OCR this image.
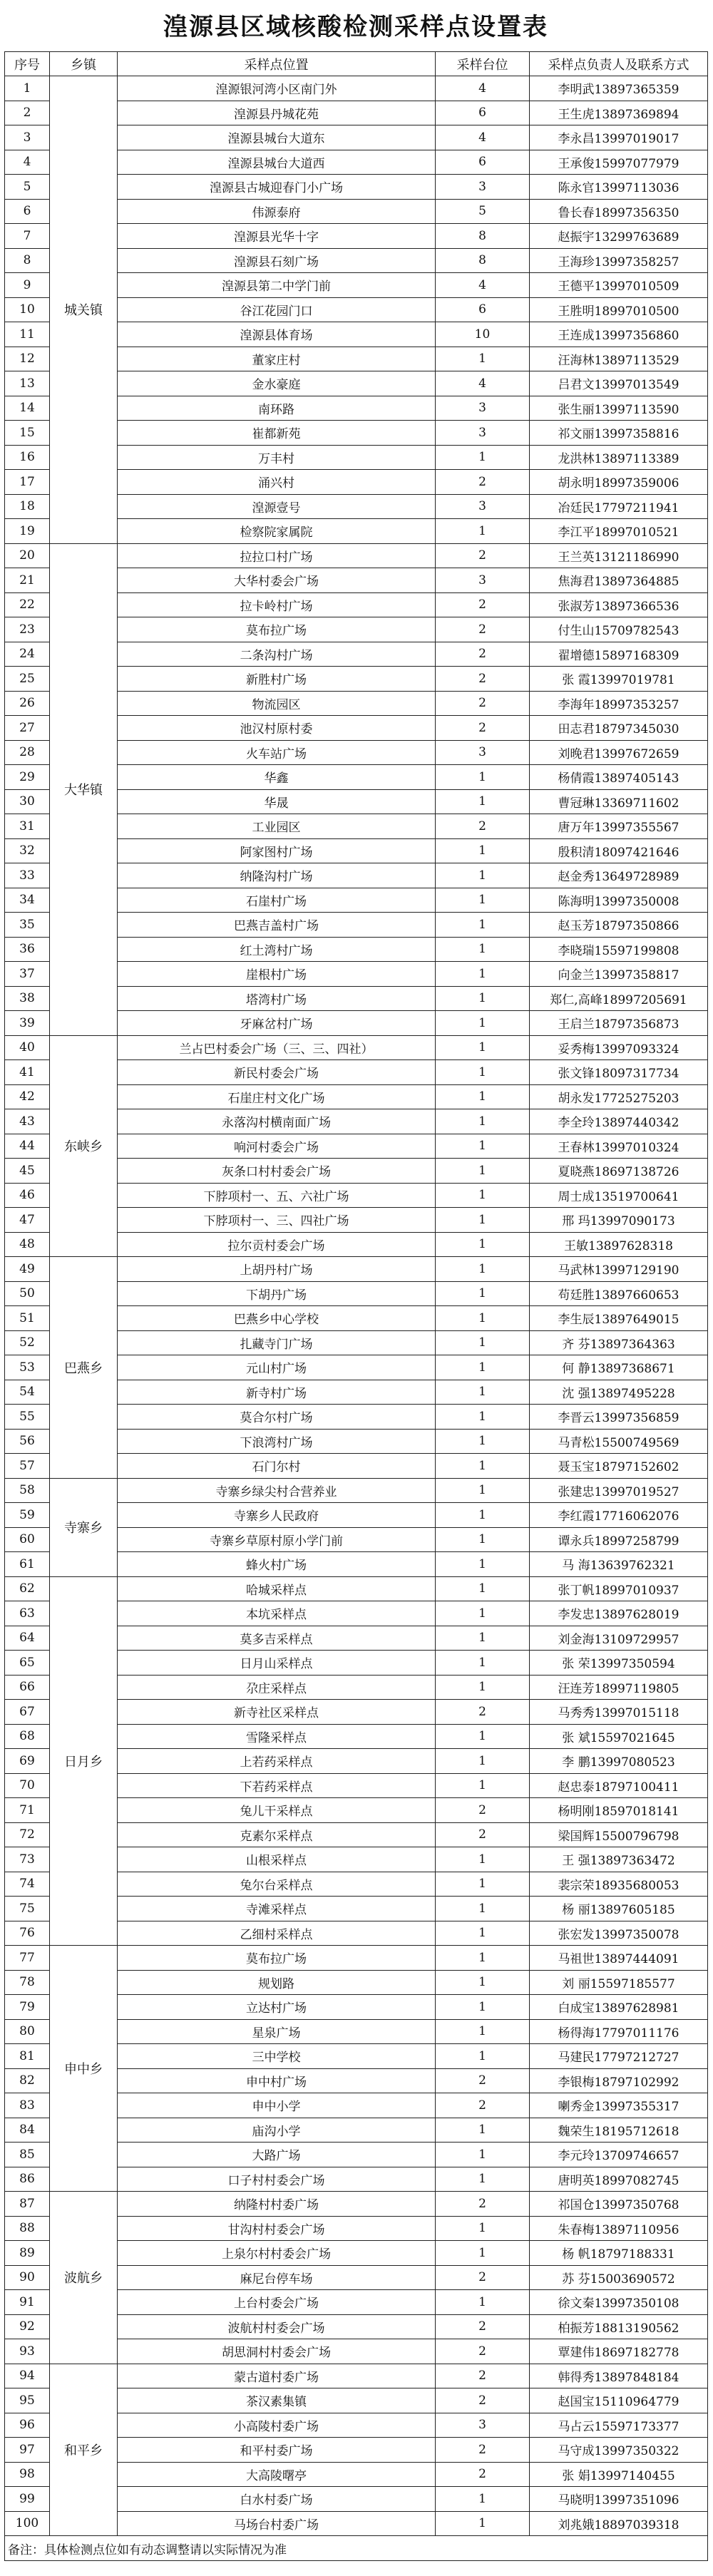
湟源县区域核酸检测采样点设置表
序号	乡镇	采样点位置	采样台位	采样点负责人及联系方式
1	城关镇	湟源银河湾小区南门外	4	李明武13897365359
2		湟源县丹城花苑	6	王生虎13897369894
3		湟源县城台大道东	4	李永昌13997019017
4		湟源县城台大道西	6	王承俊15997077979
5		湟源县古城迎春门小广场	3	陈永官13997113036
6		伟源泰府	5	鲁长春18997356350
7		湟源县光华十字	8	赵振宇13299763689
8		湟源县石刻广场	8	王海珍13997358257
9		湟源县第二中学门前	4	王德平13997010509
10		谷江花园门口	6	王胜明18997010500
11		湟源县体育场	10	王连成13997356860
12		董家庄村	1	汪海林13897113529
13		金水豪庭	4	吕君文13997013549
14		南环路	3	张生丽13997113590
15		崔都新苑	3	祁文丽13997358816
16		万丰村	1	龙洪林13897113389
17		涌兴村	2	胡永明18997359006
18		湟源壹号	3	冶廷民17797211941
19		检察院家属院	1	李江平18997010521
20	大华镇	拉拉口村广场	2	王兰英13121186990
21		大华村委会广场	3	焦海君13897364885
22		拉卡岭村广场	2	张淑芳13897366536
23		莫布拉广场	2	付生山15709782543
24		二条沟村广场	2	翟增德15897168309
25		新胜村广场	2	张 霞13997019781
26		物流园区	2	李海年18997353257
27		池汉村原村委	2	田志君18797345030
28		火车站广场	3	刘晚君13997672659
29		华鑫	1	杨倩霞13897405143
30		华晟	1	曹冠琳13369711602
31		工业园区	2	唐万年13997355567
32		阿家图村广场	1	殷积清18097421646
33		纳隆沟村广场	1	赵金秀13649728989
34		石崖村广场	1	陈海明13997350008
35		巴燕吉盖村广场	1	赵玉芳18797350866
36		红土湾村广场	1	李晓瑞15597199808
37		崖根村广场	1	向金兰13997358817
38		塔湾村广场	1	郑仁,高峰18997205691
39		牙麻岔村广场	1	王启兰18797356873
40	东峡乡	兰占巴村委会广场（三、三、四社）	1	妥秀梅13997093324
41		新民村委会广场	1	张文锋18097317734
42		石崖庄村文化广场	1	胡永发17725275203
43		永落沟村横南面广场	1	李全玲13897440342
44		响河村委会广场	1	王春林13997010324
45		灰条口村村委会广场	1	夏晓燕18697138726
46		下脖项村一、五、六社广场	1	周士成13519700641
47		下脖项村一、三、四社广场	1	邢 玛13997090173
48		拉尔贡村委会广场	1	王敏13897628318
49	巴燕乡	上胡丹村广场	1	马武林13997129190
50		下胡丹广场	1	苟廷胜13897660653
51		巴燕乡中心学校	1	李生辰13897649015
52		扎藏寺门广场	1	齐 芬13897364363
53		元山村广场	1	何 静13897368671
54		新寺村广场	1	沈 强13897495228
55		莫合尔村广场	1	李晋云13997356859
56		下浪湾村广场	1	马青松15500749569
57		石门尔村	1	聂玉宝18797152602
58	寺寨乡	寺寨乡绿尖村合营养业	1	张建忠13997019527
59		寺寨乡人民政府	1	李红霞17716062076
60		寺寨乡草原村原小学门前	1	谭永兵18997258799
61		蜂火村广场	1	马 海13639762321
62	日月乡	哈城采样点	1	张丁帆18997010937
63		本坑采样点	1	李发忠13897628019
64		莫多吉采样点	1	刘金海13109729957
65		日月山采样点	1	张 荣13997350594
66		尕庄采样点	1	汪连芳18997119805
67		新寺社区采样点	2	马秀秀13997015118
68		雪隆采样点	1	张 斌15597021645
69		上若药采样点	1	李 鹏13997080523
70		下若药采样点	1	赵忠泰18797100411
71		兔儿干采样点	2	杨明刚18597018141
72		克素尔采样点	2	梁国辉15500796798
73		山根采样点	1	王 强13897363472
74		兔尔台采样点	1	裴宗荣18935680053
75		寺滩采样点	1	杨 丽13897605185
76		乙细村采样点	1	张宏发13997350078
77	申中乡	莫布拉广场	1	马祖世13897444091
78		规划路	1	刘 丽15597185577
79		立达村广场	1	白成宝13897628981
80		星泉广场	1	杨得海17797011176
81		三中学校	1	马建民17797212727
82		申中村广场	2	李银梅18797102992
83		申中小学	2	喇秀金13997355317
84		庙沟小学	1	魏荣生18195712618
85		大路广场	1	李元玲13709746657
86		口子村村委会广场	1	唐明英18997082745
87	波航乡	纳隆村村委广场	2	祁国仓13997350768
88		甘沟村村委会广场	1	朱春梅13897110956
89		上泉尔村村委会广场	1	杨 帆18797188331
90		麻尼台停车场	2	苏 芬15003690572
91		上台村委会广场	1	徐文秦13997350108
92		波航村村委会广场	2	柏振芳18813190562
93		胡思洞村村委会广场	2	覃建伟18697182778
94	和平乡	蒙古道村委广场	2	韩得秀13897848184
95		茶汉素集镇	2	赵国宝15110964779
96		小高陵村委广场	3	马占云15597173377
97		和平村委广场	2	马守成13997350322
98		大高陵曙亭	2	张 娟13997140455
99		白水村委广场	1	马晓明13997351096
100		马场台村委广场	1	刘兆娥18897039318
备注：具体检测点位如有动态调整请以实际情况为准				
